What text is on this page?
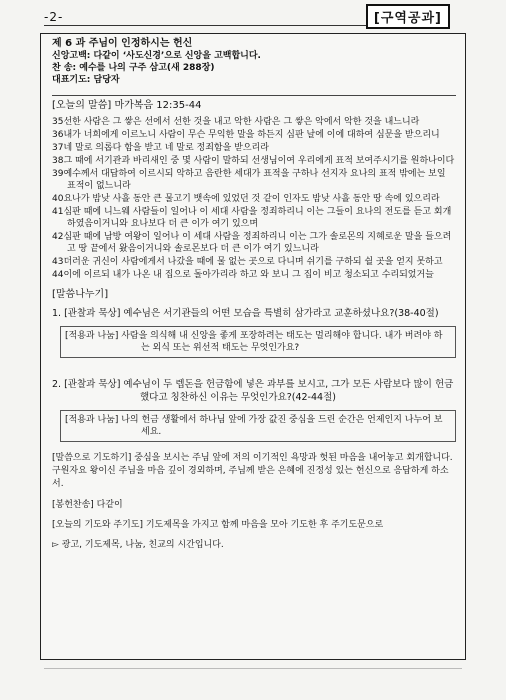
-2-	[구역공과]

제 6 과 주님이 인정하시는 헌신

신앙고백: 다같이 ‘사도신경’으로 신앙을 고백합니다.

찬 송: 예수를 나의 구주 삼고(새 288장)

대표기도: 담당자

[오늘의 말씀] 마가복음 12:35-44

35선한 사람은 그 쌓은 선에서 선한 것을 내고 악한 사람은 그 쌓은 악에서 악한 것을 내느니라

36내가 너희에게 이르노니 사람이 무슨 무익한 말을 하든지 심판 날에 이에 대하여 심문을 받으리니

37네 말로 의롭다 함을 받고 네 말로 정죄함을 받으리라

38그 때에 서기관과 바리새인 중 몇 사람이 말하되 선생님이여 우리에게 표적 보여주시기를 원하나이다

39예수께서 대답하여 이르시되 악하고 음란한 세대가 표적을 구하나 선지자 요나의 표적 밖에는 보일 표적이 없느니라

40요나가 밤낮 사흘 동안 큰 물고기 뱃속에 있었던 것 같이 인자도 밤낮 사흘 동안 땅 속에 있으리라

41심판 때에 니느웨 사람들이 일어나 이 세대 사람을 정죄하리니 이는 그들이 요나의 전도를 듣고 회개하였음이거니와 요나보다 더 큰 이가 여기 있으며

42심판 때에 남방 여왕이 일어나 이 세대 사람을 정죄하리니 이는 그가 솔로몬의 지혜로운 말을 들으려고 땅 끝에서 왔음이거니와 솔로몬보다 더 큰 이가 여기 있느니라

43더러운 귀신이 사람에게서 나갔을 때에 물 없는 곳으로 다니며 쉬기를 구하되 쉴 곳을 얻지 못하고

44이에 이르되 내가 나온 내 집으로 돌아가리라 하고 와 보니 그 집이 비고 청소되고 수리되었거늘

[말씀나누기]

1. [관찰과 묵상] 예수님은 서기관들의 어떤 모습을 특별히 삼가라고 교훈하셨나요?(38-40절)

[적용과 나눔] 사람을 의식해 내 신앙을 좋게 포장하려는 태도는 멀리해야 합니다. 내가 버려야 하는 외식 또는 위선적 태도는 무엇인가요?

2. [관찰과 묵상] 예수님이 두 렙돈을 헌금함에 넣은 과부를 보시고, 그가 모든 사람보다 많이 헌금했다고 칭찬하신 이유는 무엇인가요?(42-44절)

[적용과 나눔] 나의 헌금 생활에서 하나님 앞에 가장 값진 중심을 드린 순간은 언제인지 나누어 보세요.

[말씀으로 기도하기] 중심을 보시는 주님 앞에 저의 이기적인 욕망과 헛된 마음을 내어놓고 회개합니다. 구원자요 왕이신 주님을 마음 깊이 경외하며, 주님께 받은 은혜에 진정성 있는 헌신으로 응답하게 하소서.

[봉헌찬송] 다같이

[오늘의 기도와 주기도] 기도제목을 가지고 함께 마음을 모아 기도한 후 주기도문으로

▻ 광고, 기도제목, 나눔, 친교의 시간입니다.
